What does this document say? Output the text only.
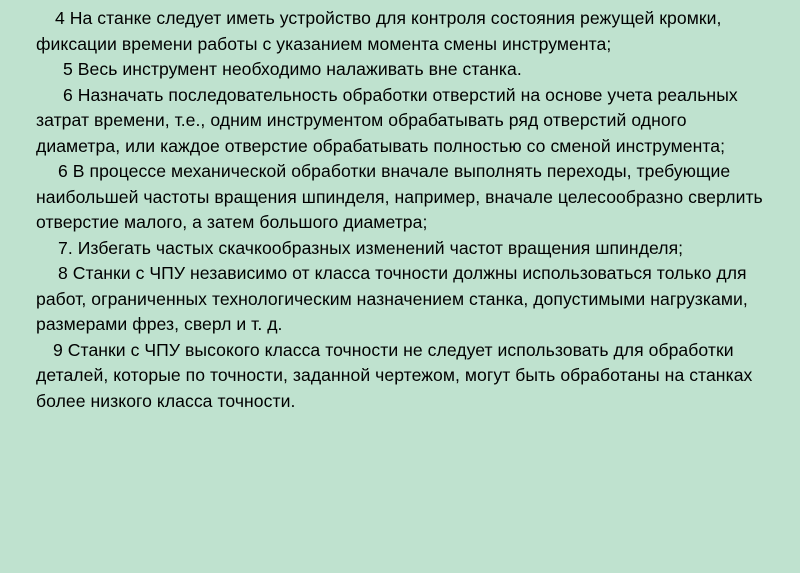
4 На станке следует иметь устройство для контроля состояния режущей кромки, фиксации времени работы с указанием момента смены инструмента;

5 Весь инструмент необходимо налаживать вне станка.

6 Назначать последовательность обработки отверстий на основе учета реальных затрат времени, т.е., одним инструментом обрабатывать ряд отверстий одного диаметра, или каждое отверстие обрабатывать полностью со сменой инструмента;

6 В процессе механической обработки вначале выполнять переходы, требующие наибольшей частоты вращения шпинделя, например, вначале целесообразно сверлить отверстие малого, а затем большого диаметра;

7. Избегать частых скачкообразных изменений частот вращения шпинделя;

8 Станки с ЧПУ независимо от класса точности должны использоваться только для работ, ограниченных технологическим назначением станка, допустимыми нагрузками, размерами фрез, сверл и т. д.

9 Станки с ЧПУ высокого класса точности не следует использовать для обработки деталей, которые по точности, заданной чертежом, могут быть обработаны на станках более низкого класса точности.
